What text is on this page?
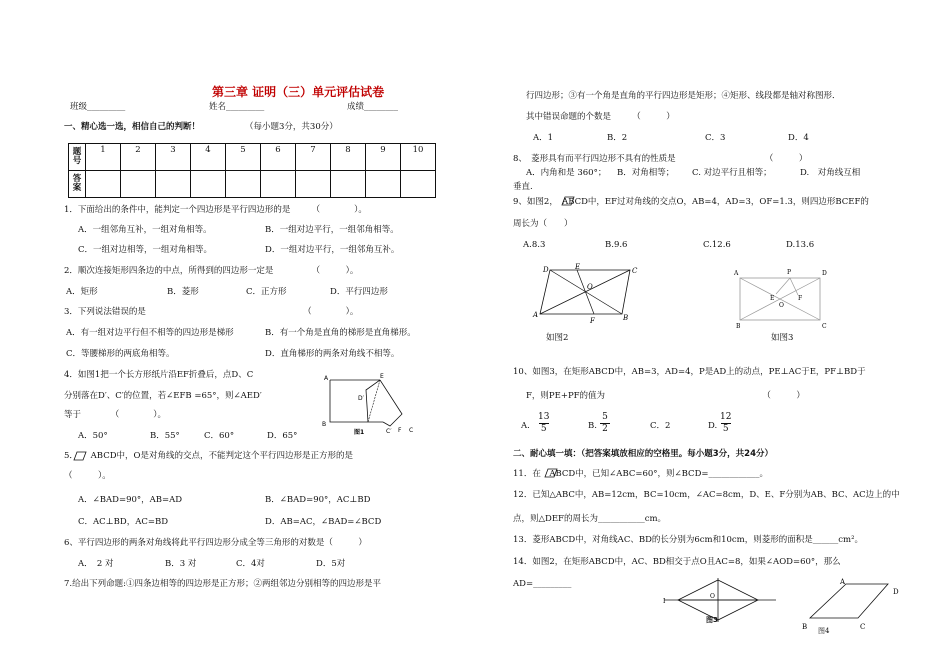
第三章 证明（三）单元评估试卷
班级_________	姓名_________	成绩________
一、精心选一选，相信自己的判断！	（每小题3分，共30分）
题
号	1	2	3	4	5	6	7	8	9	10
答
案										
1．下面给出的条件中，能判定一个四边形是平行四边形的是　　　（　　　　）。
A．一组邻角互补，一组对角相等。	B．一组对边平行，一组邻角相等。
C．一组对边相等，一组对角相等。	D．一组对边平行，一组邻角互补。
2．顺次连接矩形四条边的中点，所得到的四边形一定是　　　　　（　　　）。
A．矩形	B．菱形	C．正方形	D．平行四边形
3．下列说法错误的是　　　　　　　　　　　　　　　　　　　（　　　　）。
A．有一组对边平行但不相等的四边形是梯形	B．有一个角是直角的梯形是直角梯形。
C．等腰梯形的两底角相等。	D．直角梯形的两条对角线不相等。
4．如图1把一个长方形纸片沿EF折叠后，点D、C
分别落在D′、C′的位置，若∠EFB =65°，则∠AED′
等于　　　　（　　　　）。
A．50°	B．55°	C．60°	D．65°
A	E
D′
B
C′ F C
图1
5．　　ABCD中，O是对角线的交点，不能判定这个平行四边形是正方形的是
（　　　）。
A．∠BAD=90°，AB=AD	B．∠BAD=90°，AC⊥BD
C．AC⊥BD，AC=BD	D．AB=AC，∠BAD=∠BCD
6、平行四边形的两条对角线将此平行四边形分成全等三角形的对数是（　　　）
A．　2 对	B．3 对	C．4对	D．5对
7.给出下列命题:①四条边相等的四边形是正方形；②两组邻边分别相等的四边形是平
行四边形；③有一个角是直角的平行四边形是矩形；④矩形、线段都是轴对称图形．
其中错误命题的个数是　　　（　　　）
A．1	B．2	C．3	D．4
8、　菱形具有而平行四边形不具有的性质是　　　　　　　　　　　（　　　）
A．内角和是 360°； B．对角相等； C. 对边平行且相等；	D.　对角线互相
垂直.
9、如图2，　ABCD中，EF过对角线的交点O，AB=4，AD=3，OF=1.3，则四边形BCEF的
周长为（　　）
A.8.3	B.9.6	C.12.6	D.13.6
D	E	C
O
A
F	B
如图2
A	P	D
E	F
O
B	C
如图3
10、如图3，在矩形ABCD中，AB=3，AD=4，P是AD上的动点，PE⊥AC于E，PF⊥BD于
F，则PE+PF的值为　　　　　　　　　　　　　　　　　　　（　　　）
A.
13
5	B.
5
2	C．2	D.
12
5
二、耐心填一填：（把答案填放相应的空格里。每小题3分，共24分）
11．在　ABCD中，已知∠ABC=60°，则∠BCD=____________。
12．已知△ABC中，AB=12cm，BC=10cm，∠AC=8cm，D、E、F分别为AB、BC、AC边上的中
点，则△DEF的周长为___________cm。
13．菱形ABCD中，对角线AC、BD的长分别为6cm和10cm，则菱形的面积是______cm²。
14．如图2，在矩形ABCD中，AC、BD相交于点O且AC=8，如果∠AOD=60°，那么
AD=_________
I
O
图3
A
D
B	C
图4
